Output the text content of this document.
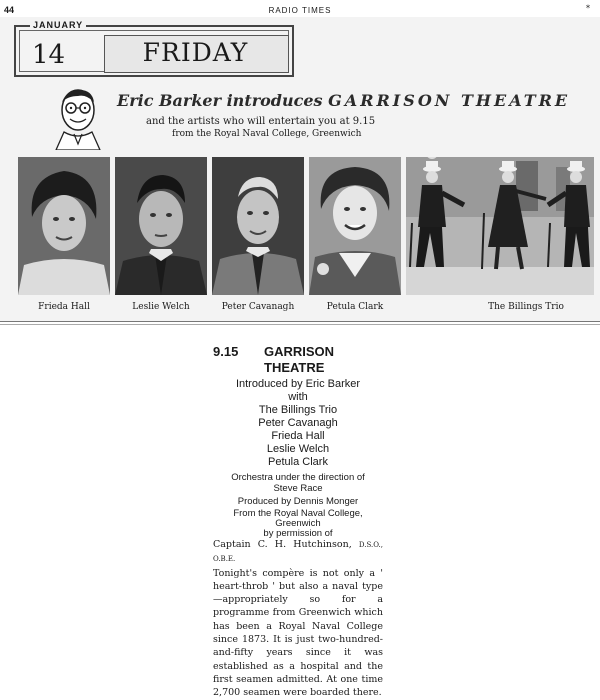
44	RADIO TIMES	*
JANUARY
14	FRIDAY
Eric Barker introduces GARRISON THEATRE
and the artists who will entertain you at 9.15
from the Royal Naval College, Greenwich
Frieda Hall	Leslie Welch	Peter Cavanagh	Petula Clark	The Billings Trio
9.15 GARRISON
THEATRE
Introduced by Eric Barker
with
The Billings Trio
Peter Cavanagh
Frieda Hall
Leslie Welch
Petula Clark
Orchestra under the direction of
Steve Race
Produced by Dennis Monger
From the Royal Naval College,
Greenwich
by permission of
Captain C. H. Hutchinson, D.S.O., O.B.E.
Tonight's compère is not only a ' heart-throb ' but also a naval type—appropriately so for a programme from Greenwich which has been a Royal Naval College since 1873. It is just two-hundred-and-fifty years since it was established as a hospital and the first seamen admitted. At one time 2,700 seamen were boarded there.
